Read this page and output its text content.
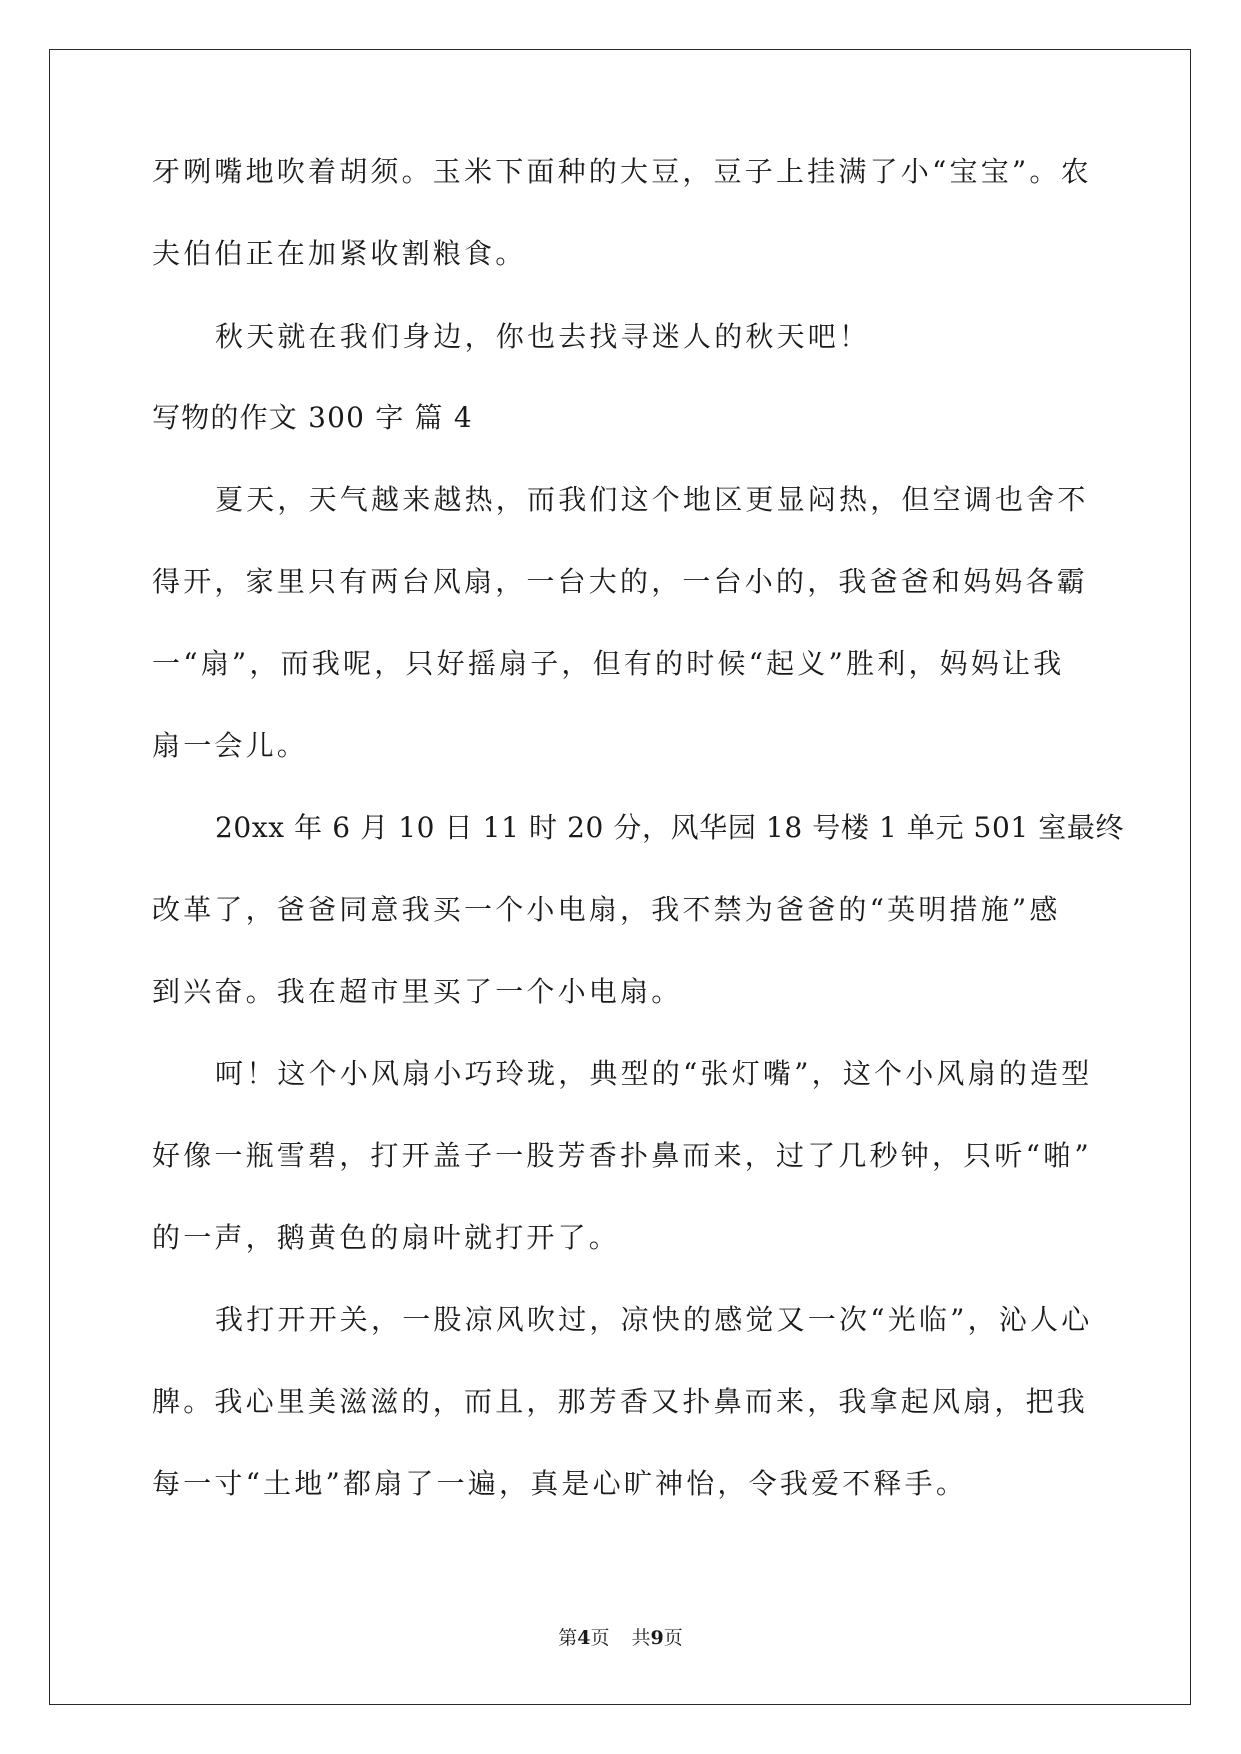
牙咧嘴地吹着胡须。玉米下面种的大豆，豆子上挂满了小“宝宝”。农
夫伯伯正在加紧收割粮食。
秋天就在我们身边，你也去找寻迷人的秋天吧！
写物的作文 300 字 篇 4
夏天，天气越来越热，而我们这个地区更显闷热，但空调也舍不
得开，家里只有两台风扇，一台大的，一台小的，我爸爸和妈妈各霸
一“扇”，而我呢，只好摇扇子，但有的时候“起义”胜利，妈妈让我
扇一会儿。
20xx 年 6 月 10 日 11 时 20 分，风华园 18 号楼 1 单元 501 室最终
改革了，爸爸同意我买一个小电扇，我不禁为爸爸的“英明措施”感
到兴奋。我在超市里买了一个小电扇。
呵！这个小风扇小巧玲珑，典型的“张灯嘴”，这个小风扇的造型
好像一瓶雪碧，打开盖子一股芳香扑鼻而来，过了几秒钟，只听“啪”
的一声，鹅黄色的扇叶就打开了。
我打开开关，一股凉风吹过，凉快的感觉又一次“光临”，沁人心
脾。我心里美滋滋的，而且，那芳香又扑鼻而来，我拿起风扇，把我
每一寸“土地”都扇了一遍，真是心旷神怡，令我爱不释手。
第4页 共9页
